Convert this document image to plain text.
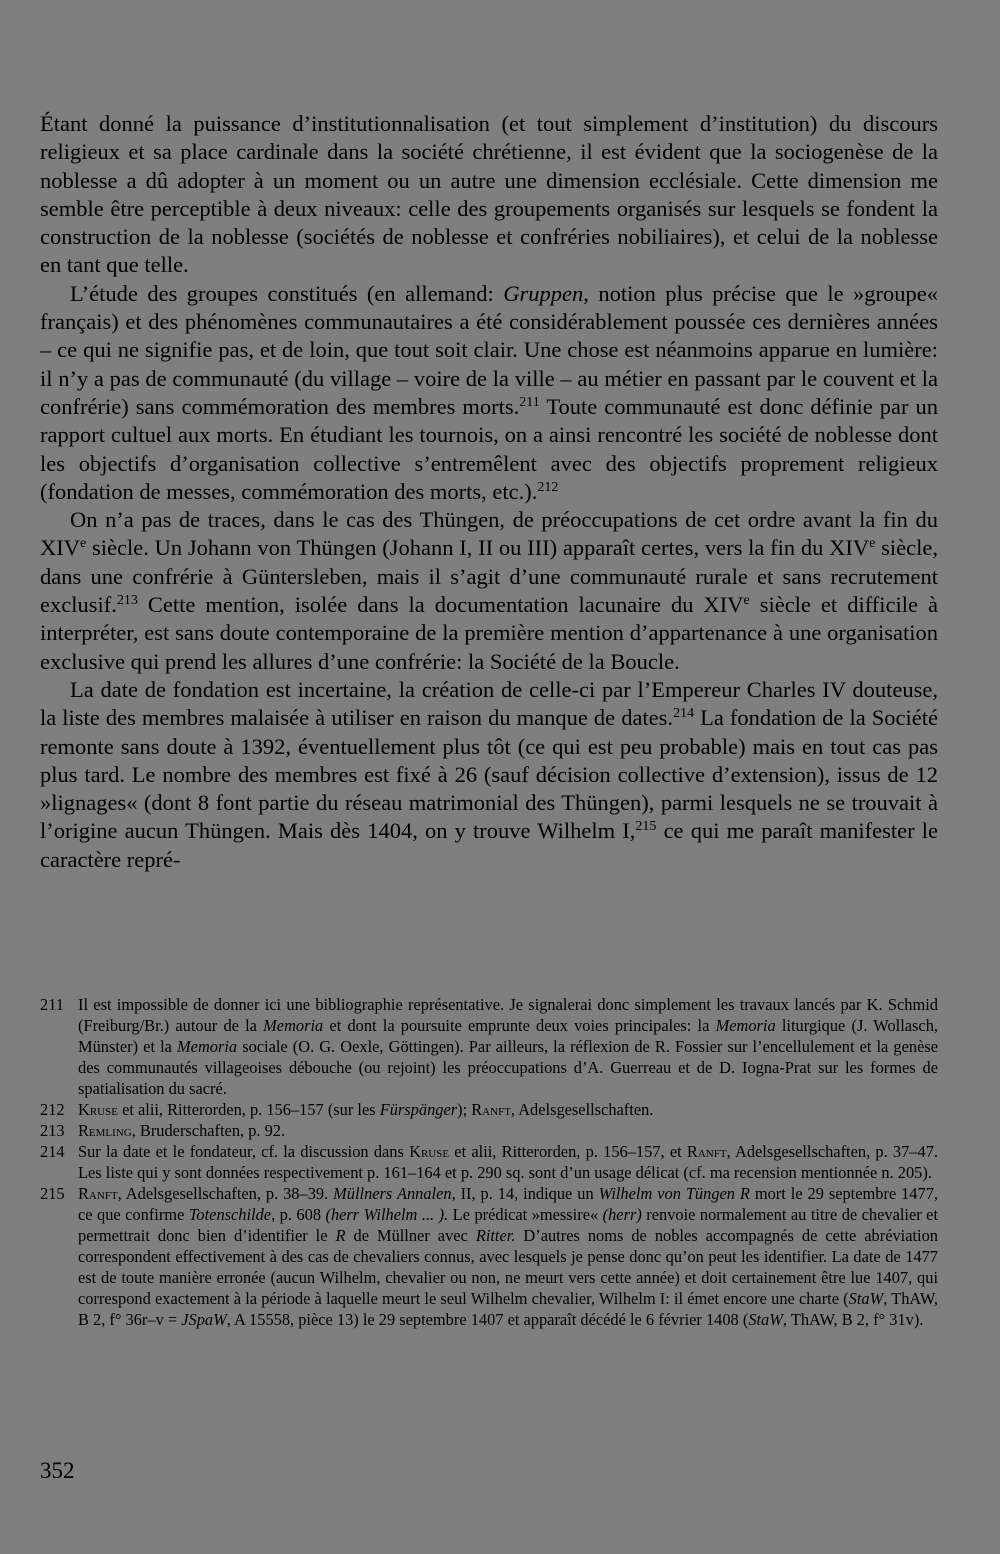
Étant donné la puissance d’institutionnalisation (et tout simplement d’institution) du discours religieux et sa place cardinale dans la société chrétienne, il est évident que la sociogenèse de la noblesse a dû adopter à un moment ou un autre une dimension ecclésiale. Cette dimension me semble être perceptible à deux niveaux: celle des groupements organisés sur lesquels se fondent la construction de la noblesse (sociétés de noblesse et confréries nobiliaires), et celui de la noblesse en tant que telle.

L’étude des groupes constitués (en allemand: Gruppen, notion plus précise que le »groupe« français) et des phénomènes communautaires a été considérablement poussée ces dernières années – ce qui ne signifie pas, et de loin, que tout soit clair. Une chose est néanmoins apparue en lumière: il n’y a pas de communauté (du village – voire de la ville – au métier en passant par le couvent et la confrérie) sans commémoration des membres morts.$^{211}$ Toute communauté est donc définie par un rapport cultuel aux morts. En étudiant les tournois, on a ainsi rencontré les société de noblesse dont les objectifs d’organisation collective s’entremêlent avec des objectifs proprement religieux (fondation de messes, commémoration des morts, etc.).$^{212}$

On n’a pas de traces, dans le cas des Thüngen, de préoccupations de cet ordre avant la fin du XIVe siècle. Un Johann von Thüngen (Johann I, II ou III) apparaît certes, vers la fin du XIVe siècle, dans une confrérie à Güntersleben, mais il s’agit d’une communauté rurale et sans recrutement exclusif.$^{213}$ Cette mention, isolée dans la documentation lacunaire du XIVe siècle et difficile à interpréter, est sans doute contemporaine de la première mention d’appartenance à une organisation exclusive qui prend les allures d’une confrérie: la Société de la Boucle.

La date de fondation est incertaine, la création de celle-ci par l’Empereur Charles IV douteuse, la liste des membres malaisée à utiliser en raison du manque de dates.$^{214}$ La fondation de la Société remonte sans doute à 1392, éventuellement plus tôt (ce qui est peu probable) mais en tout cas pas plus tard. Le nombre des membres est fixé à 26 (sauf décision collective d’extension), issus de 12 »lignages« (dont 8 font partie du réseau matrimonial des Thüngen), parmi lesquels ne se trouvait à l’origine aucun Thüngen. Mais dès 1404, on y trouve Wilhelm I,$^{215}$ ce qui me paraît manifester le caractère repré-

211 Il est impossible de donner ici une bibliographie représentative. Je signalerai donc simplement les travaux lancés par K. Schmid (Freiburg/Br.) autour de la Memoria et dont la poursuite emprunte deux voies principales: la Memoria liturgique (J. Wollasch, Münster) et la Memoria sociale (O. G. Oexle, Göttingen). Par ailleurs, la réflexion de R. Fossier sur l’encellulement et la genèse des communautés villageoises débouche (ou rejoint) les préoccupations d’A. Guerreau et de D. Iogna-Prat sur les formes de spatialisation du sacré.
212 Kruse et alii, Ritterorden, p. 156–157 (sur les Fürspänger); Ranft, Adelsgesellschaften.
213 Remling, Bruderschaften, p. 92.
214 Sur la date et le fondateur, cf. la discussion dans Kruse et alii, Ritterorden, p. 156–157, et Ranft, Adelsgesellschaften, p. 37–47. Les liste qui y sont données respectivement p. 161–164 et p. 290 sq. sont d’un usage délicat (cf. ma recension mentionnée n. 205).
215 Ranft, Adelsgesellschaften, p. 38–39. Müllners Annalen, II, p. 14, indique un Wilhelm von Tüngen R mort le 29 septembre 1477, ce que confirme Totenschilde, p. 608 (herr Wilhelm ... ). Le prédicat »messire« (herr) renvoie normalement au titre de chevalier et permettrait donc bien d’identifier le R de Müllner avec Ritter. D’autres noms de nobles accompagnés de cette abréviation correspondent effectivement à des cas de chevaliers connus, avec lesquels je pense donc qu’on peut les identifier. La date de 1477 est de toute manière erronée (aucun Wilhelm, chevalier ou non, ne meurt vers cette année) et doit certainement être lue 1407, qui correspond exactement à la période à laquelle meurt le seul Wilhelm chevalier, Wilhelm I: il émet encore une charte (StaW, ThAW, B 2, f° 36r–v = JSpaW, A 15558, pièce 13) le 29 septembre 1407 et apparaît décédé le 6 février 1408 (StaW, ThAW, B 2, f° 31v).
352
